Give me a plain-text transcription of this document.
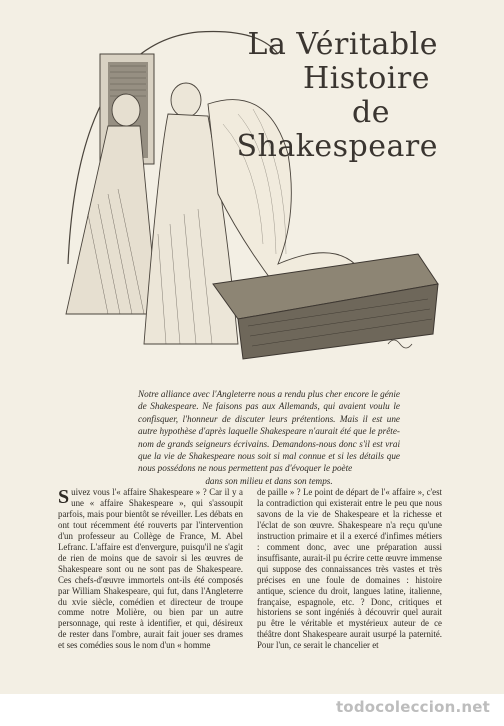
La Véritable
Histoire
de
Shakespeare
Notre alliance avec l'Angleterre nous a rendu plus cher encore le génie de Shakespeare. Ne faisons pas aux Allemands, qui avaient voulu le confisquer, l'honneur de discuter leurs prétentions. Mais il est une autre hypothèse d'après laquelle Shakespeare n'aurait été que le prête-nom de grands seigneurs écrivains. Demandons-nous donc s'il est vrai que la vie de Shakespeare nous soit si mal connue et si les détails que nous possédons ne nous permettent pas d'évoquer le poète
dans son milieu et dans son temps.

Suivez vous l'« affaire Shakespeare » ? Car il y a une « affaire Shakespeare », qui s'assoupit parfois, mais pour bientôt se réveiller. Les débats en ont tout récemment été rouverts par l'intervention d'un professeur au Collège de France, M. Abel Lefranc. L'affaire est d'envergure, puisqu'il ne s'agit de rien de moins que de savoir si les œuvres de Shakespeare sont ou ne sont pas de Shakespeare. Ces chefs-d'œuvre immortels ont-ils été composés par William Shakespeare, qui fut, dans l'Angleterre du xvie siècle, comédien et directeur de troupe comme notre Molière, ou bien par un autre personnage, qui reste à identifier, et qui, désireux de rester dans l'ombre, aurait fait jouer ses drames et ses comédies sous le nom d'un « homme

de paille » ? Le point de départ de l'« affaire », c'est la contradiction qui existerait entre le peu que nous savons de la vie de Shakespeare et la richesse et l'éclat de son œuvre. Shakespeare n'a reçu qu'une instruction primaire et il a exercé d'infimes métiers : comment donc, avec une préparation aussi insuffisante, aurait-il pu écrire cette œuvre immense qui suppose des connaissances très vastes et très précises en une foule de domaines : histoire antique, science du droit, langues latine, italienne, française, espagnole, etc. ? Donc, critiques et historiens se sont ingéniés à découvrir quel aurait pu être le véritable et mystérieux auteur de ce théâtre dont Shakespeare aurait usurpé la paternité. Pour l'un, ce serait le chancelier et

todocoleccion.net
